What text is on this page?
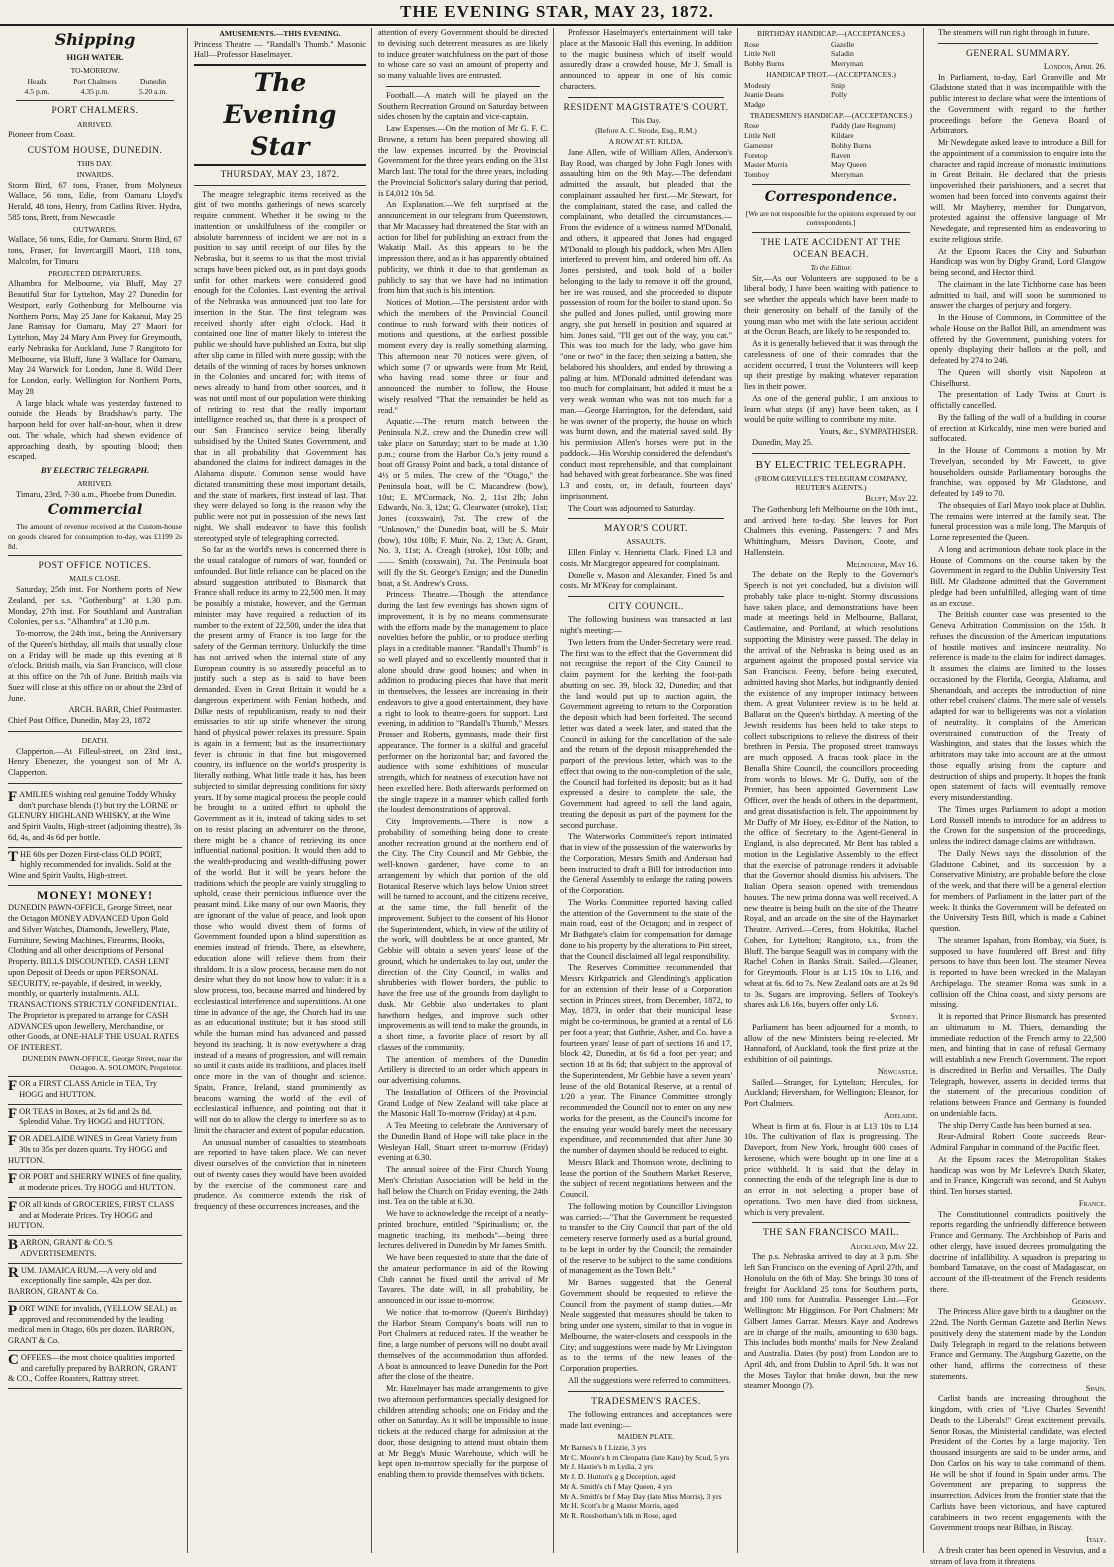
THE EVENING STAR, MAY 23, 1872.
Shipping
HIGH WATER.
TO-MORROW.
Heads
4.5 p.m.
Port Chalmers
4.35 p.m.
Dunedin
5.20 a.m.
PORT CHALMERS.
ARRIVED.

Pioneer from Coast.

CUSTOM HOUSE, DUNEDIN.
THIS DAY.
INWARDS.

Storm Bird, 67 tons, Fraser, from Molyneux Wallace, 56 tons, Edie, from Oamaru Lloyd's Herald, 48 tons, Henry, from Catlins River. Hydra, 585 tons, Brett, from Newcastle

OUTWARDS.

Wallace, 56 tons, Edie, for Oamaru. Storm Bird, 67 tons, Fraser, for Invercargill Maori, 118 tons, Malcolm, for Timaru

PROJECTED DEPARTURES.

Alhambra for Melbourne, via Bluff, May 27 Beautiful Star for Lyttelton, May 27 Dunedin for Westport, early Gothenburg for Melbourne via Northern Ports, May 25 Jane for Kakanui, May 25 Jane Ramsay for Oamaru, May 27 Maori for Lyttelton, May 24 Mary Ann Pivey for Greymouth, early Nebraska for Auckland, June 7 Rangitoto for Melbourne, via Bluff, June 3 Wallace for Oamaru, May 24 Warwick for London, June 8. Wild Deer for London, early. Wellington for Northern Ports, May 28

A large black whale was yesterday fastened to outside the Heads by Bradshaw's party. The harpoon held for over half-an-hour, when it drew out. The whale, which had shewn evidence of approaching death, by spouting blood; then escaped.

BY ELECTRIC TELEGRAPH.
ARRIVED.

Timaru, 23rd, 7-30 a.m., Phoebe from Dunedin.

Commercial

The amount of revenue received at the Custom-house on goods cleared for consumption to-day, was £1199 2s 8d.

POST OFFICE NOTICES.
MAILS CLOSE.

Saturday, 25th inst. For Northern ports of New Zealand, per s.s. "Gothenburg" at 1.30 p.m. Monday, 27th inst. For Southland and Australian Colonies, per s.s. "Alhambra" at 1.30 p.m.

To-morrow, the 24th inst., being the Anniversary of the Queen's birthday, all mails that usually close on a Friday will be made up this evening at 8 o'clock. British mails, via San Francisco, will close at this office on the 7th of June. British mails via Suez will close at this office on or about the 23rd of June.

ARCH. BARR, Chief Postmaster.

Chief Post Office, Dunedin, May 23, 1872

DEATH.

Clapperton.—At Filleul-street, on 23rd inst., Henry Ebenezer, the youngest son of Mr A. Clapperton.

F AMILIES wishing real genuine Toddy Whisky don't purchase blends (!) but try the LORNE or GLENURY HIGHLAND WHISKY, at the Wine and Spirit Vaults, High-street (adjoining theatre), 3s 6d, 4s, and 4s 6d per bottle.
T HE 60s per Dozen First-class OLD PORT, highly recommended for invalids. Sold at the Wine and Spirit Vaults, High-street.
MONEY! MONEY!
DUNEDIN PAWN-OFFICE, George Street, near the Octagon MONEY ADVANCED Upon Gold and Silver Watches, Diamonds, Jewellery, Plate, Furniture, Sewing Machines, Firearms, Books, Clothing and all other descriptions of Personal Property. BILLS DISCOUNTED. CASH LENT upon Deposit of Deeds or upon PERSONAL SECURITY, re-payable, if desired, in weekly, monthly, or quarterly instalments. ALL TRANSACTIONS STRICTLY CONFIDENTIAL. The Proprietor is prepared to arrange for CASH ADVANCES upon Jewellery, Merchandise, or other Goods, at ONE-HALF THE USUAL RATES OF INTEREST.
DUNEDIN PAWN-OFFICE, George Street, near the Octagon. A. SOLOMON, Proprietor.
FOR a FIRST CLASS Article in TEA, Try HOGG and HUTTON.
FOR TEAS in Boxes, at 2s 6d and 2s 8d. Splendid Value. Try HOGG and HUTTON.
FOR ADELAIDE WINES in Great Variety from 30s to 35s per dozen quarts. Try HOGG and HUTTON.
FOR PORT and SHERRY WINES of fine quality, at moderate prices. Try HOGG and HUTTON.
FOR all kinds of GROCERIES, FIRST CLASS and at Moderate Prices. Try HOGG and HUTTON.
BARRON, GRANT & CO.'S ADVERTISEMENTS.
RUM. JAMAICA RUM.—A very old and exceptionally fine sample, 42s per doz. BARRON, GRANT & Co.
PORT WINE for invalids, (YELLOW SEAL) as approved and recommended by the leading medical men in Otago, 60s per dozen. BARRON, GRANT & Co.
COFFEES—the most choice qualities imported and carefully prepared by BARRON, GRANT & CO., Coffee Roasters, Rattray street.
AMUSEMENTS.—THIS EVENING.

Princess Theatre — "Randall's Thumb." Masonic Hall—Professor Haselmayer.

The Evening Star
THURSDAY, MAY 23, 1872.

The meagre telegraphic items received as the gist of two months gatherings of news scarcely require comment. Whether it be owing to the inattention or unskilfulness of the compiler or absolute barrenness of incident we are not in a position to say until receipt of our files by the Nebraska, but it seems to us that the most trivial scraps have been picked out, as in past days goods unfit for other markets were considered good enough for the Colonies. Last evening the arrival of the Nebraska was announced just too late for insertion in the Star. The first telegram was received shortly after eight o'clock. Had it contained one line of matter likely to interest the public we should have published an Extra, but slip after slip came in filled with mere gossip; with the details of the winning of races by horses unknown in the Colonies and uncared for; with items of news already to hand from other sources, and it was not until most of our population were thinking of retiring to rest that the really important intelligence reached us, that there is a prospect of our San Francisco service being liberally subsidised by the United States Government, and that in all probability that Government has abandoned the claims for indirect damages in the Alabama dispute. Common sense would have dictated transmitting these most important details, and the state of markets, first instead of last. That they were delayed so long is the reason why the public were not put in possession of the news last night. We shall endeavor to have this foolish stereotyped style of telegraphing corrected.

So far as the world's news is concerned there is the usual catalogue of rumors of war, founded or unfounded. But little reliance can be placed on the absurd suggestion attributed to Bismarck that France shall reduce its army to 22,500 men. It may be possibly a mistake, however, and the German minister may have required a reduction of its number to the extent of 22,500, under the idea that the present army of France is too large for the safety of the German territory. Unluckily the time has not arrived when the internal state of any European country is so assuredly peaceful as to justify such a step as is said to have been demanded. Even in Great Britain it would be a dangerous experiment with Fenian hotbeds, and Dilke nests of republicanism, ready to nod their emissaries to stir up strife whenever the strong hand of physical power relaxes its pressure. Spain is again in a ferment; but as the insurrectionary fever is chronic in that fine but misgoverned country, its influence on the world's prosperity is literally nothing. What little trade it has, has been subjected to similar depressing conditions for sixty years. If by some magical process the people could be brought to a united effort to uphold the Government as it is, instead of taking sides to set on to resist placing an adventurer on the throne, there might be a chance of retrieving its once influential national position. It would then add to the wealth-producing and wealth-diffusing power of the world. But it will be years before the traditions which the people are vainly struggling to uphold, cease their pernicious influence over the peasant mind. Like many of our own Maoris, they are ignorant of the value of peace, and look upon those who would divest them of forms of Government founded upon a blind superstition as enemies instead of friends. There, as elsewhere, education alone will relieve them from their thraldom. It is a slow process, because men do not desire what they do not know how to value: it is a slow process, too, because marred and hindered by ecclesiastical interference and superstitions. At one time in advance of the age, the Church had its use as an educational institute; but it has stood still while the human mind has advanced and passed beyond its teaching. It is now everywhere a drag instead of a means of progression, and will remain so until it casts aside its traditions, and places itself once more in the van of thought and science. Spain, France, Ireland, stand prominently as beacons warning the world of the evil of ecclesiastical influence, and pointing out that it will not do to allow the clergy to interfere so as to limit the character and extent of popular education.

An unusual number of casualties to steamboats are reported to have taken place. We can never divest ourselves of the conviction that in nineteen out of twenty cases they would have been avoided by the exercise of the commonest care and prudence. As commerce extends the risk of frequency of these occurrences increases, and the

attention of every Government should be directed to devising such deterrent measures as are likely to induce greater watchfulness on the part of those to whose care so vast an amount of property and so many valuable lives are entrusted.

Football.—A match will be played on the Southern Recreation Ground on Saturday between sides chosen by the captain and vice-captain.

Law Expenses.—On the motion of Mr G. F. C. Browne, a return has been prepared showing all the law expenses incurred by the Provincial Government for the three years ending on the 31st March last. The total for the three years, including the Provincial Solicitor's salary during that period, is £4,012 10s 5d.

An Explanation.—We felt surprised at the announcement in our telegram from Queenstown, that Mr Macassey had threatened the Star with an action for libel for publishing an extract from the Wakatip Mail. As this appears to be the impression there, and as it has apparently obtained publicity, we think it due to that gentleman as publicly to say that we have had no intimation from him that such is his intention.

Notices of Motion.—The persistent ardor with which the members of the Provincial Council continue to rush forward with their notices of motions and questions, at the earliest possible moment every day is really something alarming. This afternoon near 70 notices were given, of which some (7 or upwards were from Mr Reid, who having read some three or four and announced the number to follow, the House wisely resolved "That the remainder be held as read."

Aquatic.—The return match between the Peninsula N.Z. crew and the Dunedin crew will take place on Saturday; start to be made at 1.30 p.m.; course from the Harbor Co.'s jetty round a boat off Grassy Point and back, a total distance of 4½ or 5 miles. The crew of the "Otago," the Peninsula boat, will be C. Macandrew (bow), 10st; E. M'Cormack, No. 2, 11st 2lb; John Edwards, No. 3, 12st; G. Clearwater (stroke), 11st; Jones (coxswain), 7st. The crew of the "Unknown," the Dunedin boat, will be S. Muir (bow), 10st 10lb; F. Muir, No. 2, 13st; A. Grant, No. 3, 11st; A. Creagh (stroke), 10st 10lb; and —— Smith (coxswain), 7st. The Peninsula boat will fly the St. George's Ensign; and the Dunedin boat, a St. Andrew's Cross.

Princess Theatre.—Though the attendance during the last few evenings has shown signs of improvement, it is by no means commensurate with the efforts made by the management to place novelties before the public, or to produce sterling plays in a creditable manner. "Randall's Thumb" is so well played and so excellently mounted that it alone should draw good houses; and when in addition to producing pieces that have that merit in themselves, the lessees are increasing in their endeavors to give a good entertainment, they have a right to look to theatre-goers for support. Last evening, in addition to "Randall's Thumb," Messrs Prosser and Roberts, gymnasts, made their first appearance. The former is a skilful and graceful performer on the horizontal bar; and favored the audience with some exhibitions of muscular strength, which for neatness of execution have not been excelled here. Both afterwards performed on the single trapeze in a manner which called forth the loudest demonstrations of approval.

City Improvements.—There is now a probability of something being done to create another recreation ground at the northern end of the City. The City Council and Mr Gebbie, the well-known gardener, have come to an arrangement by which that portion of the old Botanical Reserve which lays below Union street will be turned to account, and the citizens receive, at the same time, the full benefit of the improvement. Subject to the consent of his Honor the Superintendent, which, in view of the utility of the work, will doubtless be at once granted, Mr Gebbie will obtain a seven years' lease of the ground, which he undertakes to lay out, under the direction of the City Council, in walks and shrubberies with flower borders, the public to have the free use of the grounds from daylight to dusk. Mr Gebbie also undertakes to plant hawthorn hedges, and improve such other improvements as will tend to make the grounds, in a short time, a favorite place of resort by all classes of the community.

The attention of members of the Dunedin Artillery is directed to an order which appears in our advertising columns.

The Installation of Officers of the Provincial Grand Lodge of New Zealand will take place at the Masonic Hall To-morrow (Friday) at 4 p.m.

A Tea Meeting to celebrate the Anniversary of the Dunedin Band of Hope will take place in the Wesleyan Hall, Stuart street to-morrow (Friday) evening at 6.30.

The annual soiree of the First Church Young Men's Christian Association will be held in the hall below the Church on Friday evening, the 24th inst. Tea on the table at 6.30.

We have to acknowledge the receipt of a neatly-printed brochure, entitled "Spiritualism; or, the magnetic teaching, its methods"—being three lectures delivered in Dunedin by Mr James Smith.

We have been requested to state that the date of the amateur performance in aid of the Rowing Club cannot be fixed until the arrival of Mr Tavares. The date will, in all probability, be announced in our issue to-morrow.

We notice that to-morrow (Queen's Birthday) the Harbor Steam Company's boats will run to Port Chalmers at reduced rates. If the weather be fine, a large number of persons will no doubt avail themselves of the accommodation thus afforded. A boat is announced to leave Dunedin for the Port after the close of the theatre.

Mr. Haselmayer has made arrangements to give two afternoon performances specially designed for children attending schools; one on Friday and the other on Saturday. As it will be impossible to issue tickets at the reduced charge for admission at the door, those designing to attend must obtain them at Mr Begg's Music Warehouse, which will be kept open to-morrow specially for the purpose of enabling them to provide themselves with tickets.

Professor Haselmayer's entertainment will take place at the Masonic Hall this evening. In addition to the magic business which of itself would assuredly draw a crowded house, Mr J. Small is announced to appear in one of his comic characters.

RESIDENT MAGISTRATE'S COURT.
This Day.
(Before A. C. Strode, Esq., R.M.)
A ROW AT ST. KILDA.

Jane Allen, wife of William Allen, Anderson's Bay Road, was charged by John Fugh Jones with assaulting him on the 9th May.—The defendant admitted the assault, but pleaded that the complainant assaulted her first.—Mr Stewart, for the complainant, stated the case, and called the complainant, who detailed the circumstances.—From the evidence of a witness named M'Donald, and others, it appeared that Jones had engaged M'Donald to plough his paddock, when Mrs Allen interfered to prevent him, and ordered him off. As Jones persisted, and took hold of a boiler belonging to the lady to remove it off the ground, her ire was roused, and she proceeded to dispute possession of room for the boiler to stand upon. So she pulled and Jones pulled, until growing more angry, she put herself in position and squared at him. Jones said, "I'll get out of the way, you cat." This was too much for the lady, who gave him "one or two" in the face; then seizing a batten, she belabored his shoulders, and ended by throwing a paling at him. M'Donald admitted defendant was too much for complainant, but added it must be a very weak woman who was not too much for a man.—George Harrington, for the defendant, said he was owner of the property, the house on which was burnt down, and the material saved sold. By his permission Allen's horses were put in the paddock.—His Worship considered the defendant's conduct most reprehensible, and that complainant had behaved with great forbearance. She was fined L3 and costs, or, in default, fourteen days' imprisonment.

The Court was adjourned to Saturday.

MAYOR'S COURT.
ASSAULTS.

Ellen Finlay v. Henrietta Clark. Fined L3 and costs. Mr Macgregor appeared for complainant.

Donelle v. Mason and Alexander. Fined 5s and costs. Mr M'Keay for complainant.

CITY COUNCIL.

The following business was transacted at last night's meeting:—

Two letters from the Under-Secretary were read. The first was to the effect that the Government did not recognise the report of the City Council to claim payment for the kerbing the foot-path abutting on sec. 39, block 32, Dunedin; and that the land would put up to auction again, the Government agreeing to return to the Corporation the deposit which had been forfeited. The second letter was dated a week later, and stated that the Council in asking for the cancellation of the sale and the return of the deposit misapprehended the purport of the previous letter, which was to the effect that owing to the non-completion of the sale, the Council had forfeited its deposit; but as it had expressed a desire to complete the sale, the Government had agreed to sell the land again, treating the deposit as part of the payment for the second purchase.

The Waterworks Committee's report intimated that in view of the possession of the waterworks by the Corporation, Messrs Smith and Anderson had been instructed to draft a Bill for introduction into the General Assembly to enlarge the rating powers of the Corporation.

The Works Committee reported having called the attention of the Government to the state of the main road, east of the Octagon; and in respect of Mr Bathgate's claim for compensation for damage done to his property by the alterations to Pitt street, that the Council disclaimed all legal responsibility.

The Reserves Committee recommended that Messrs Kirkpatrick and Glendining's application for an extension of their lease of a Corporation section in Princes street, from December, 1872, to May, 1873, in order that their municipal lease might be co-terminous, be granted at a rental of L6 per foot a year; that Guthrie, Asher, and Co. have a fourteen years' lease of part of sections 16 and 17, block 42, Dunedin, at 6s 6d a foot per year; and section 18 at 8s 6d; that subject to the approval of the Superintendent, Mr Gebbie have a seven years' lease of the old Botanical Reserve, at a rental of 1/20 a year. The Finance Committee strongly recommended the Council not to enter on any new works for the present, as the Council's income for the ensuing year would barely meet the necessary expenditure, and recommended that after June 30 the number of daymen should be reduced to eight.

Messrs Black and Thomson wrote, declining to lease the portion of the Southern Market Reserve, the subject of recent negotiations between and the Council.

The following motion by Councillor Livingston was carried:—"That the Government be requested to transfer to the City Council that part of the old cemetery reserve formerly used as a burial ground, to be kept in order by the Council; the remainder of the reserve to be subject to the same conditions of management as the Town Belt."

Mr Barnes suggested that the General Government should be requested to relieve the Council from the payment of stamp duties.—Mr Neale suggested that measures should be taken to bring under one system, similar to that in vogue in Melbourne, the water-closets and cesspools in the City; and suggestions were made by Mr Livingston as to the terms of the new leases of the Corporation properties.

All the suggestions were referred to committees.

TRADESMEN'S RACES.

The following entrances and acceptances were made last evening:—

MAIDEN PLATE.
Mr Barnes's b f Lizzie, 3 yrs
Mr C. Moore's b m Cleopatra (late Kate) by Scud, 5 yrs
Mr J. Hastie's b m Lydia, 2 yrs
Mr J. D. Hutton's g g Deception, aged
Mr A. Smith's ch f May Queen, 4 yrs
Mr A. Smith's br f May Day (late Miss Morris), 3 yrs
Mr H. Scott's br g Master Morris, aged
Mr R. Rossbotham's blk m Rose, aged
BIRTHDAY HANDICAP.—(ACCEPTANCES.)
Rose	Gazelle
Little Nell	Saladin
Bobby Burns	Merryman
HANDICAP TROT.—(ACCEPTANCES.)
Modesty	Snip
Jeanie Deans	Polly
Madge
TRADESMEN'S HANDICAP.—(ACCEPTANCES.)
Rose	Paddy (late Regnum)
Little Nell	Kildare
Gamester	Bobby Burns
Foretop	Raven
Master Morris	May Queen
Tomboy	Merryman
Correspondence.

[We are not responsible for the opinions expressed by our correspondents.]

THE LATE ACCIDENT AT THE OCEAN BEACH.
To the Editor.

Sir,—As our Volunteers are supposed to be a liberal body, I have been waiting with patience to see whether the appeals which have been made to their generosity on behalf of the family of the young man who met with the late serious accident at the Ocean Beach, are likely to be responded to.

As it is generally believed that it was through the carelessness of one of their comrades that the accident occurred, I trust the Volunteers will keep up their prestige by making whatever reparation lies in their power.

As one of the general public, I am anxious to learn what steps (if any) have been taken, as I would be quite willing to contribute my mite.

Yours, &c., SYMPATHISER.

Dunedin, May 25.

BY ELECTRIC TELEGRAPH.
(FROM GREVILLE'S TELEGRAM COMPANY, REUTER'S AGENTS.)
Bluff, May 22.

The Gothenburg left Melbourne on the 10th inst., and arrived here to-day. She leaves for Port Chalmers this evening. Passengers: 7 and Mrs Whittingham, Messrs Davison, Coote, and Hallenstein.

Melbourne, May 16.

The debate on the Reply to the Governor's Speech is not yet concluded, but a division will probably take place to-night. Stormy discussions have taken place, and demonstrations have been made at meetings held in Melbourne, Ballarat, Castlemaine, and Portland, at which resolutions supporting the Ministry were passed. The delay in the arrival of the Nebraska is being used as an argument against the proposed postal service via San Francisco. Feeny, before being executed, admitted having shot Marks, but indignantly denied the existence of any improper intimacy between them. A great Volunteer review is to be held at Ballarat on the Queen's birthday. A meeting of the Jewish residents has been held to take steps to collect subscriptions to relieve the distress of their brethren in Persia. The proposed street tramways are much opposed. A fracas took place in the Benalla Shire Council, the councillors proceeding from words to blows. Mr G. Duffy, son of the Premier, has been appointed Government Law Officer, over the heads of others in the department, and great dissatisfaction is felt. The appointment by Mr Duffy of Mr Hoey, ex-Editor of the Nation, to the office of Secretary to the Agent-General in England, is also deprecated. Mr Bent has tabled a motion in the Legislative Assembly to the effect that the exercise of patronage renders it advisable that the Governor should dismiss his advisers. The Italian Opera season opened with tremendous houses. The new prima donna was well received. A new theatre is being built on the site of the Theatre Royal, and an arcade on the site of the Haymarket Theatre. Arrived.—Ceres, from Hokitika, Rachel Cohen, for Lyttelton; Rangitoto, s.s., from the Bluff. The barque Seagull was in company with the Rachel Cohen in Banks Strait. Sailed.—Gleaner, for Greymouth. Flour is at L15 10s to L16, and wheat at 6s. 6d to 7s. New Zealand oats are at 2s 9d to 3s. Sugars are improving. Sellers of Tookey's shares ask L6 16s, buyers offer only L6.

Sydney.

Parliament has been adjourned for a month, to allow of the new Ministers being re-elected. Mr Hannaford, of Auckland, took the first prize at the exhibition of oil paintings.

Newcastle.

Sailed.—Stranger, for Lyttelton; Hercules, for Auckland; Heversham, for Wellington; Eleanor, for Port Chalmers.

Adelaide.

Wheat is firm at 6s. Flour is at L13 10s to L14 10s. The cultivation of flax is progressing. The Daveport, from New York, brought 600 cases of kerosene, which were bought up in one line at a price withheld. It is said that the delay in connecting the ends of the telegraph line is due to an error in not selecting a proper base of operations. Two men have died from sickness, which is very prevalent.

THE SAN FRANCISCO MAIL.
Auckland, May 22.

The p.s. Nebraska arrived to day at 3 p.m. She left San Francisco on the evening of April 27th, and Honolulu on the 6th of May. She brings 30 tons of freight for Auckland 25 tons for Southern ports, and 100 tons for Australia. Passenger List.—For Wellington: Mr Higginson. For Port Chalmers: Mr Gilbert James Garrar. Messrs Kaye and Andrews are in charge of the mails, amounting to 630 bags. This includes both months' mails for New Zealand and Australia. Dates (by post) from London are to April 4th, and from Dublin to April 5th. It was not the Moses Taylor that broke down, but the new steamer Moongo (?).

The steamers will run right through in future.

GENERAL SUMMARY.
London, April 26.

In Parliament, to-day, Earl Granville and Mr Gladstone stated that it was incompatible with the public interest to declare what were the intentions of the Government with regard to the further proceedings before the Geneva Board of Arbitrators.

Mr Newdegate asked leave to introduce a Bill for the appointment of a commission to enquire into the character and rapid increase of monastic institutions in Great Britain. He declared that the priests impoverished their parishioners, and a secret that women had been forced into convents against their will. Mr Mayberry, member for Dungarvon, protested against the offensive language of Mr Newdegate, and represented him as endeavoring to excite religious strife.

At the Epsom Races the City and Suburban Handicap was won by Digby Grand, Lord Glasgow being second, and Hector third.

The claimant in the late Tichborne case has been admitted to bail, and will soon be summoned to answer the charges of perjury and forgery.

In the House of Commons, in Committee of the whole House on the Ballot Bill, an amendment was offered by the Government, punishing voters for openly displaying their ballots at the poll, and defeated by 274 to 246.

The Queen will shortly visit Napoleon at Chiselhurst.

The presentation of Lady Twiss at Court is officially cancelled.

By the falling of the wall of a building in course of erection at Kirkcaldy, nine men were buried and suffocated.

In the House of Commons a motion by Mr Trevelyan, seconded by Mr Fawcett, to give householders outside Parliamentary boroughs the franchise, was opposed by Mr Gladstone, and defeated by 149 to 70.

The obsequies of Earl Mayo took place at Dublin. The remains were interred at the family seat. The funeral procession was a mile long. The Marquis of Lorne represented the Queen.

A long and acrimonious debate took place in the House of Commons on the course taken by the Government in regard to the Dublin University Test Bill. Mr Gladstone admitted that the Government pledge had been unfulfilled, alleging want of time as an excuse.

The British counter case was presented to the Geneva Arbitration Commission on the 15th. It refuses the discussion of the American imputations of hostile motives and insincere neutrality. No reference is made to the claim for indirect damages. It assumes the claims are limited to the losses occasioned by the Florida, Georgia, Alabama, and Shenandoah, and accepts the introduction of nine other rebel cruisers' claims. The mere sale of vessels adapted for war to belligerents was not a violation of neutrality. It complains of the American overstrained construction of the Treaty of Washington, and states that the losses which the arbitrators may take into account are at the utmost those equally arising from the capture and destruction of ships and property. It hopes the frank open statement of facts will eventually remove every misunderstanding.

The Times urges Parliament to adopt a motion Lord Russell intends to introduce for an address to the Crown for the suspension of the proceedings, unless the indirect damage claims are withdrawn.

The Daily News says the dissolution of the Gladstone Cabinet, and its succession by a Conservative Ministry, are probable before the close of the week, and that there will be a general election for members of Parliament in the latter part of the week. It thinks the Government will be defeated on the University Tests Bill, which is made a Cabinet question.

The steamer Ispahan, from Bombay, via Suez, is supposed to have foundered off Brest and fifty persons to have thus been lost. The steamer Nevea is reported to have been wrecked in the Malayan Archipelago. The steamer Roma was sunk in a collision off the China coast, and sixty persons are missing.

It is reported that Prince Bismarck has presented an ultimatum to M. Thiers, demanding the immediate reduction of the French army to 22,500 men, and hinting that in case of refusal Germany will establish a new French Government. The report is discredited in Berlin and Versailles. The Daily Telegraph, however, asserts in decided terms that the statement of the precarious condition of relations between France and Germany is founded on undeniable facts.

The ship Derry Castle has been burned at sea.

Rear-Admiral Robert Coote succeeds Rear-Admiral Farquhar in command of the Pacific fleet.

At the Epsom races the Metropolitan Stakes handicap was won by Mr Lefevre's Dutch Skater, and in France, Kingcraft was second, and St Aubyn third. Ten horses started.

France.

The Constitutionnel contradicts positively the reports regarding the unfriendly difference between France and Germany. The Archbishop of Paris and other clergy, have issued decrees promulgating the doctrine of infallibility. A squadron is preparing to bombard Tamatave, on the coast of Madagascar, on account of the ill-treatment of the French residents there.

Germany.

The Princess Alice gave birth to a daughter on the 22nd. The North German Gazette and Berlin News positively deny the statement made by the London Daily Telegraph in regard to the relations between France and Germany. The Augsburg Gazette, on the other hand, affirms the correctness of these statements.

Spain.

Carlist bands are increasing throughout the kingdom, with cries of "Live Charles Seventh! Death to the Liberals!" Great excitement prevails. Senor Rosas, the Ministerial candidate, was elected President of the Cortes by a large majority. Ten thousand insurgents are said to be under arms, and Don Carlos on his way to take command of them. He will be shot if found in Spain under arms. The Government are preparing to suppress the insurrection. Advices from the frontier state that the Carlists have been victorious, and have captured carabineers in two recent engagements with the Government troops near Bilbao, in Biscay.

Italy.

A fresh crater has been opened in Vesuvius, and a stream of lava from it threatens
